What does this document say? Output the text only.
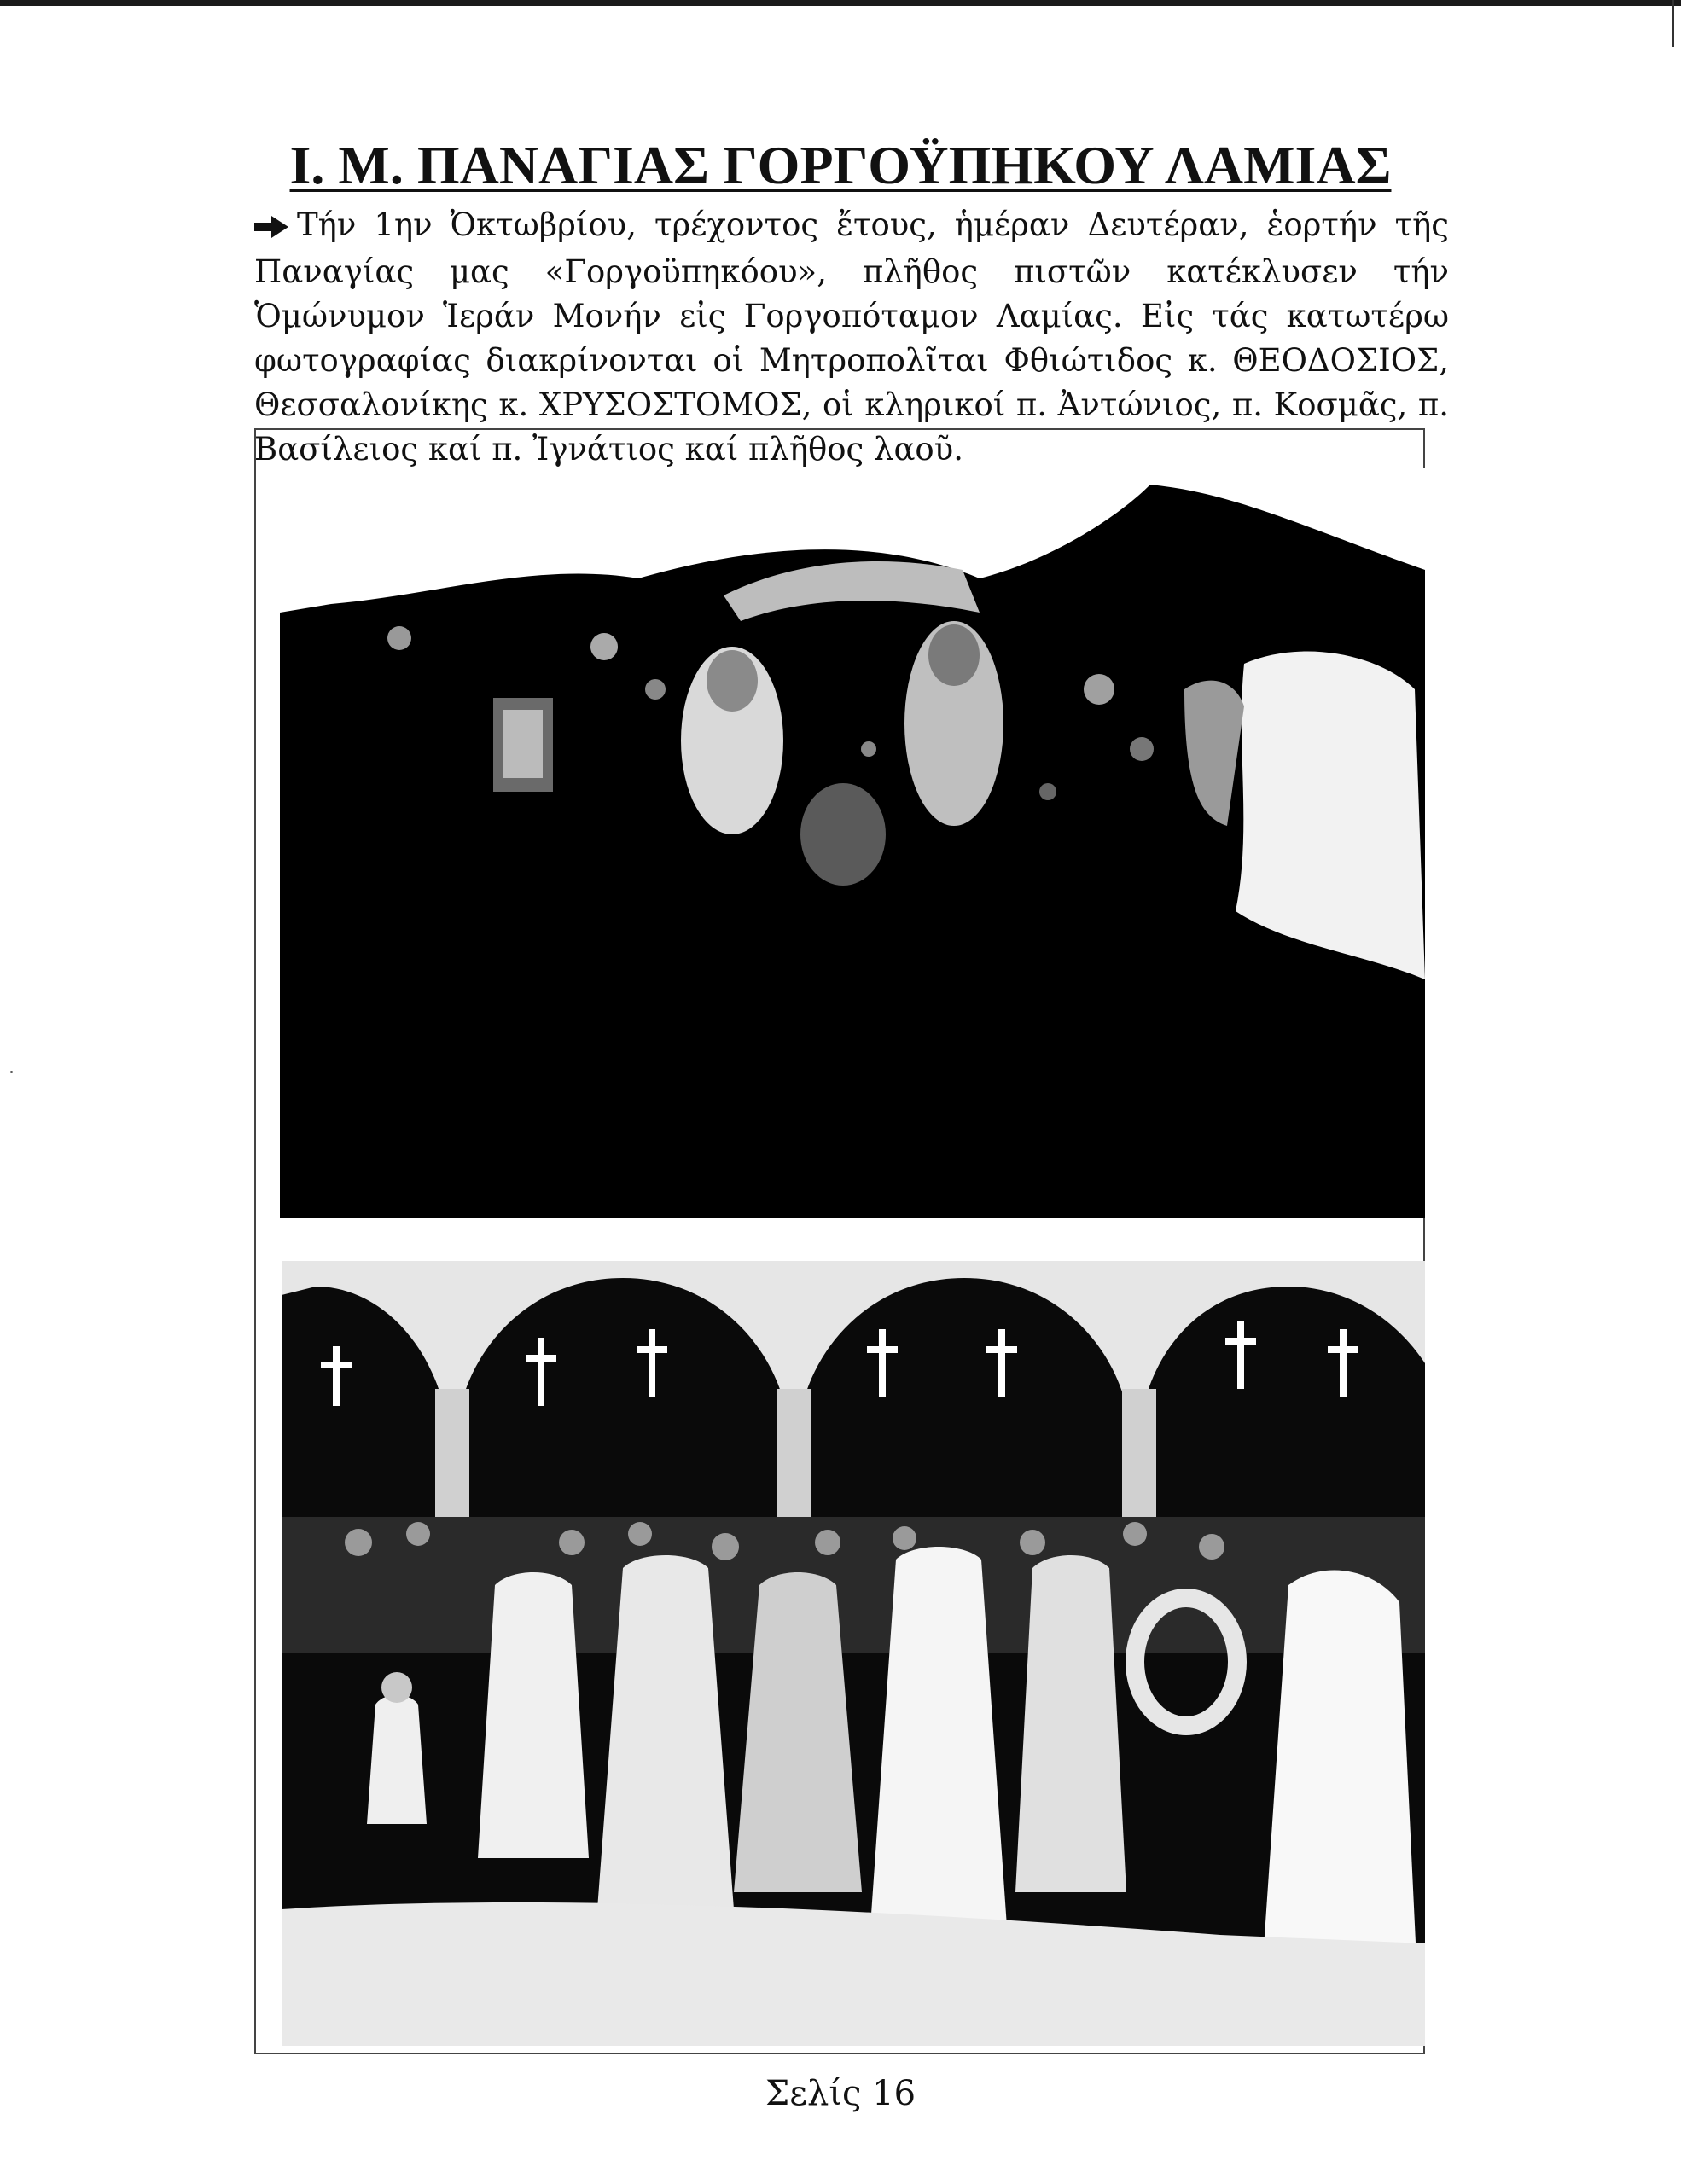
Ι. Μ. ΠΑΝΑΓΙΑΣ ΓΟΡΓΟΫΠΗΚΟΥ ΛΑΜΙΑΣ

Τήν 1ην Ὀκτωβρίου, τρέχοντος ἔτους, ἡμέραν Δευτέραν, ἑορτήν τῆς Παναγίας μας «Γοργοϋπηκόου», πλῆθος πιστῶν κατέκλυσεν τήν Ὁμώνυμον Ἱεράν Μονήν εἰς Γοργοπόταμον Λαμίας. Εἰς τάς κατωτέρω φωτογραφίας διακρίνονται οἱ Μητροπολῖται Φθιώτιδος κ. ΘΕΟΔΟΣΙΟΣ, Θεσσαλονίκης κ. ΧΡΥΣΟΣΤΟΜΟΣ, οἱ κληρικοί π. Ἀντώνιος, π. Κοσμᾶς, π. Βασίλειος καί π. Ἰγνάτιος καί πλῆθος λαοῦ.

Σελίς 16
